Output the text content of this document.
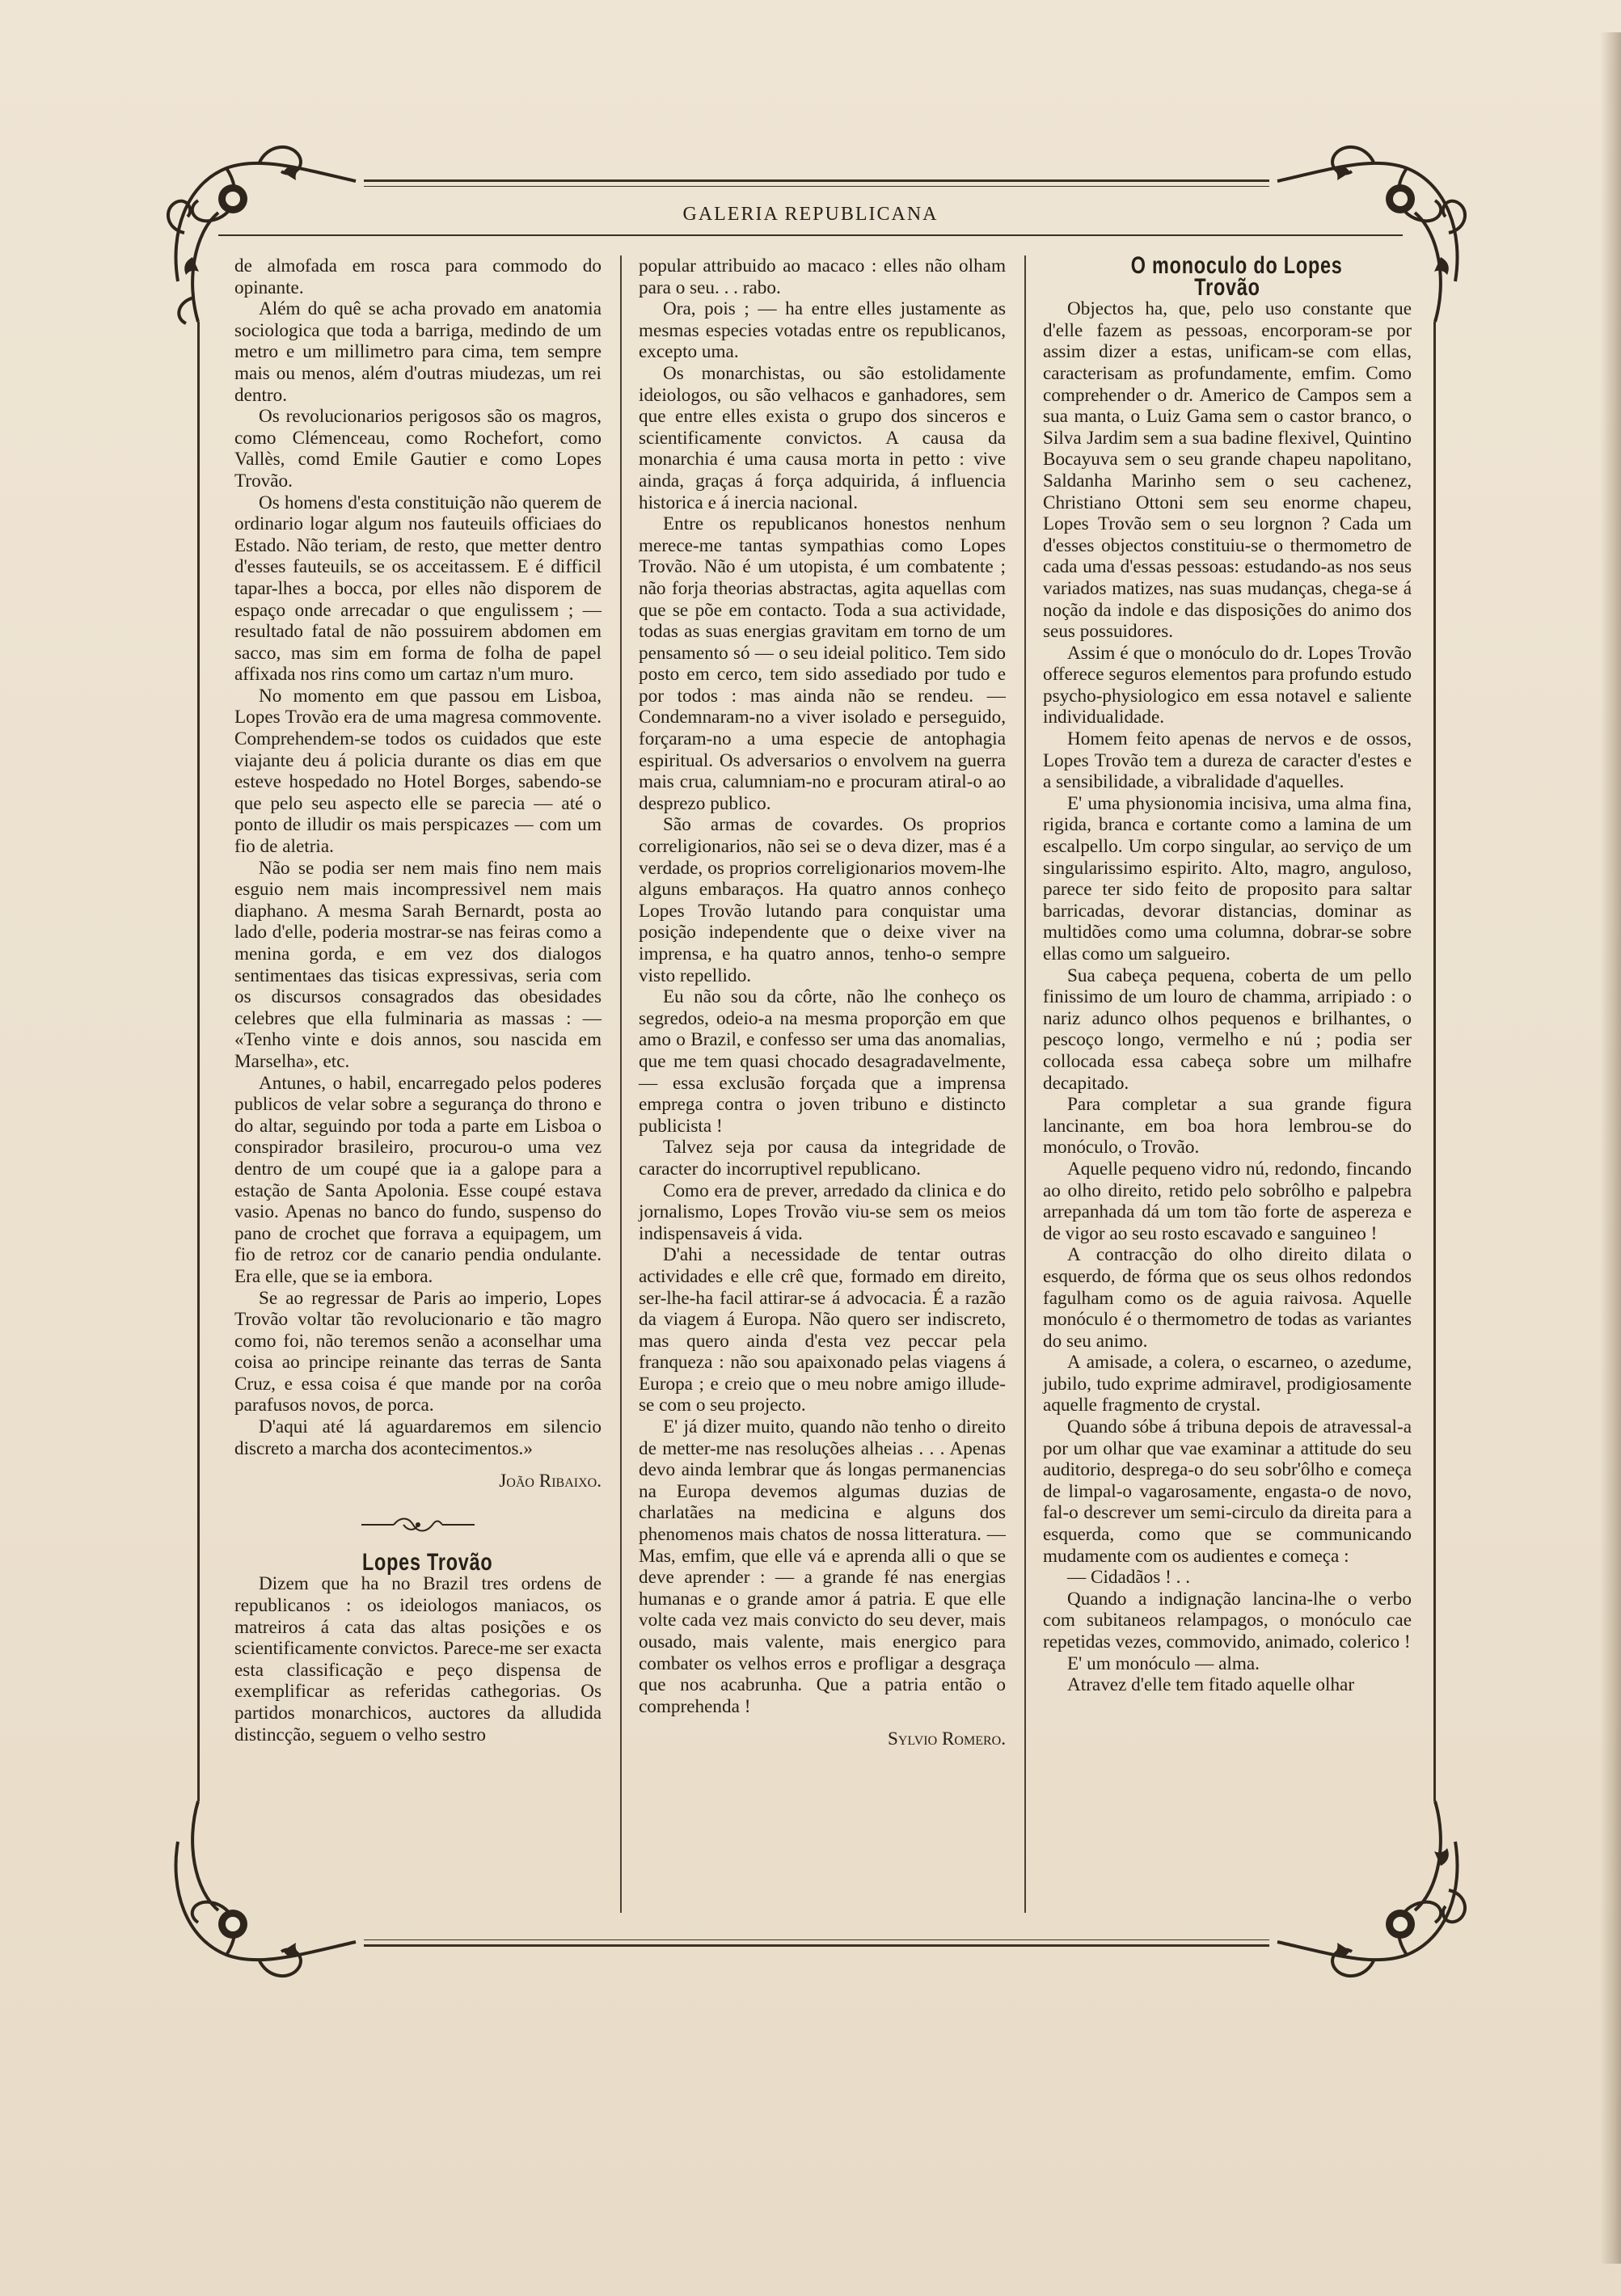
GALERIA REPUBLICANA

de almofada em rosca para commodo do opinante.

Além do quê se acha provado em anatomia sociologica que toda a barriga, medindo de um metro e um millimetro para cima, tem sempre mais ou menos, além d'outras miudezas, um rei dentro.

Os revolucionarios perigosos são os magros, como Clémenceau, como Rochefort, como Vallès, comd Emile Gautier e como Lopes Trovão.

Os homens d'esta constituição não querem de ordinario logar algum nos fauteuils officiaes do Estado. Não teriam, de resto, que metter dentro d'esses fauteuils, se os acceitassem. E é difficil tapar-lhes a bocca, por elles não disporem de espaço onde arrecadar o que engulissem ; — resultado fatal de não possuirem abdomen em sacco, mas sim em forma de folha de papel affixada nos rins como um cartaz n'um muro.

No momento em que passou em Lisboa, Lopes Trovão era de uma magresa commovente. Comprehendem-se todos os cuidados que este viajante deu á policia durante os dias em que esteve hospedado no Hotel Borges, sabendo-se que pelo seu aspecto elle se parecia — até o ponto de illudir os mais perspicazes — com um fio de aletria.

Não se podia ser nem mais fino nem mais esguio nem mais incompressivel nem mais diaphano. A mesma Sarah Bernardt, posta ao lado d'elle, poderia mostrar-se nas feiras como a menina gorda, e em vez dos dialogos sentimentaes das tisicas expressivas, seria com os discursos consagrados das obesidades celebres que ella fulminaria as massas : — «Tenho vinte e dois annos, sou nascida em Marselha», etc.

Antunes, o habil, encarregado pelos poderes publicos de velar sobre a segurança do throno e do altar, seguindo por toda a parte em Lisboa o conspirador brasileiro, procurou-o uma vez dentro de um coupé que ia a galope para a estação de Santa Apolonia. Esse coupé estava vasio. Apenas no banco do fundo, suspenso do pano de crochet que forrava a equipagem, um fio de retroz cor de canario pendia ondulante. Era elle, que se ia embora.

Se ao regressar de Paris ao imperio, Lopes Trovão voltar tão revolucionario e tão magro como foi, não teremos senão a aconselhar uma coisa ao principe reinante das terras de Santa Cruz, e essa coisa é que mande por na corôa parafusos novos, de porca.

D'aqui até lá aguardaremos em silencio discreto a marcha dos acontecimentos.»

João Ribaixo.

Lopes Trovão

Dizem que ha no Brazil tres ordens de republicanos : os ideiologos maniacos, os matreiros á cata das altas posições e os scientificamente convictos. Parece-me ser exacta esta classificação e peço dispensa de exemplificar as referidas cathegorias. Os partidos monarchicos, auctores da alludida distincção, seguem o velho sestro

popular attribuido ao macaco : elles não olham para o seu. . . rabo.

Ora, pois ; — ha entre elles justamente as mesmas especies votadas entre os republicanos, excepto uma.

Os monarchistas, ou são estolidamente ideiologos, ou são velhacos e ganhadores, sem que entre elles exista o grupo dos sinceros e scientificamente convictos. A causa da monarchia é uma causa morta in petto : vive ainda, graças á força adquirida, á influencia historica e á inercia nacional.

Entre os republicanos honestos nenhum merece-me tantas sympathias como Lopes Trovão. Não é um utopista, é um combatente ; não forja theorias abstractas, agita aquellas com que se põe em contacto. Toda a sua actividade, todas as suas energias gravitam em torno de um pensamento só — o seu ideial politico. Tem sido posto em cerco, tem sido assediado por tudo e por todos : mas ainda não se rendeu. — Condemnaram-no a viver isolado e perseguido, forçaram-no a uma especie de antophagia espiritual. Os adversarios o envolvem na guerra mais crua, calumniam-no e procuram atiral-o ao desprezo publico.

São armas de covardes. Os proprios correligionarios, não sei se o deva dizer, mas é a verdade, os proprios correligionarios movem-lhe alguns embaraços. Ha quatro annos conheço Lopes Trovão lutando para conquistar uma posição independente que o deixe viver na imprensa, e ha quatro annos, tenho-o sempre visto repellido.

Eu não sou da côrte, não lhe conheço os segredos, odeio-a na mesma proporção em que amo o Brazil, e confesso ser uma das anomalias, que me tem quasi chocado desagradavelmente, — essa exclusão forçada que a imprensa emprega contra o joven tribuno e distincto publicista !

Talvez seja por causa da integridade de caracter do incorruptivel republicano.

Como era de prever, arredado da clinica e do jornalismo, Lopes Trovão viu-se sem os meios indispensaveis á vida.

D'ahi a necessidade de tentar outras actividades e elle crê que, formado em direito, ser-lhe-ha facil attirar-se á advocacia. É a razão da viagem á Europa. Não quero ser indiscreto, mas quero ainda d'esta vez peccar pela franqueza : não sou apaixonado pelas viagens á Europa ; e creio que o meu nobre amigo illude-se com o seu projecto.

E' já dizer muito, quando não tenho o direito de metter-me nas resoluções alheias . . . Apenas devo ainda lembrar que ás longas permanencias na Europa devemos algumas duzias de charlatães na medicina e alguns dos phenomenos mais chatos de nossa litteratura. — Mas, emfim, que elle vá e aprenda alli o que se deve aprender : — a grande fé nas energias humanas e o grande amor á patria. E que elle volte cada vez mais convicto do seu dever, mais ousado, mais valente, mais energico para combater os velhos erros e profligar a desgraça que nos acabrunha. Que a patria então o comprehenda !

Sylvio Romero.

O monoculo do Lopes Trovão

Objectos ha, que, pelo uso constante que d'elle fazem as pessoas, encorporam-se por assim dizer a estas, unificam-se com ellas, caracterisam as profundamente, emfim. Como comprehender o dr. Americo de Campos sem a sua manta, o Luiz Gama sem o castor branco, o Silva Jardim sem a sua badine flexivel, Quintino Bocayuva sem o seu grande chapeu napolitano, Saldanha Marinho sem o seu cachenez, Christiano Ottoni sem seu enorme chapeu, Lopes Trovão sem o seu lorgnon ? Cada um d'esses objectos constituiu-se o thermometro de cada uma d'essas pessoas: estudando-as nos seus variados matizes, nas suas mudanças, chega-se á noção da indole e das disposições do animo dos seus possuidores.

Assim é que o monóculo do dr. Lopes Trovão offerece seguros elementos para profundo estudo psycho-physiologico em essa notavel e saliente individualidade.

Homem feito apenas de nervos e de ossos, Lopes Trovão tem a dureza de caracter d'estes e a sensibilidade, a vibralidade d'aquelles.

E' uma physionomia incisiva, uma alma fina, rigida, branca e cortante como a lamina de um escalpello. Um corpo singular, ao serviço de um singularissimo espirito. Alto, magro, anguloso, parece ter sido feito de proposito para saltar barricadas, devorar distancias, dominar as multidões como uma columna, dobrar-se sobre ellas como um salgueiro.

Sua cabeça pequena, coberta de um pello finissimo de um louro de chamma, arripiado : o nariz adunco olhos pequenos e brilhantes, o pescoço longo, vermelho e nú ; podia ser collocada essa cabeça sobre um milhafre decapitado.

Para completar a sua grande figura lancinante, em boa hora lembrou-se do monóculo, o Trovão.

Aquelle pequeno vidro nú, redondo, fincando ao olho direito, retido pelo sobrôlho e palpebra arrepanhada dá um tom tão forte de aspereza e de vigor ao seu rosto escavado e sanguineo !

A contracção do olho direito dilata o esquerdo, de fórma que os seus olhos redondos fagulham como os de aguia raivosa. Aquelle monóculo é o thermometro de todas as variantes do seu animo.

A amisade, a colera, o escarneo, o azedume, jubilo, tudo exprime admiravel, prodigiosamente aquelle fragmento de crystal.

Quando sóbe á tribuna depois de atravessal-a por um olhar que vae examinar a attitude do seu auditorio, desprega-o do seu sobr'ôlho e começa de limpal-o vagarosamente, engasta-o de novo, fal-o descrever um semi-circulo da direita para a esquerda, como que se communicando mudamente com os audientes e começa :

— Cidadãos ! . .

Quando a indignação lancina-lhe o verbo com subitaneos relampagos, o monóculo cae repetidas vezes, commovido, animado, colerico !

E' um monóculo — alma.

Atravez d'elle tem fitado aquelle olhar
